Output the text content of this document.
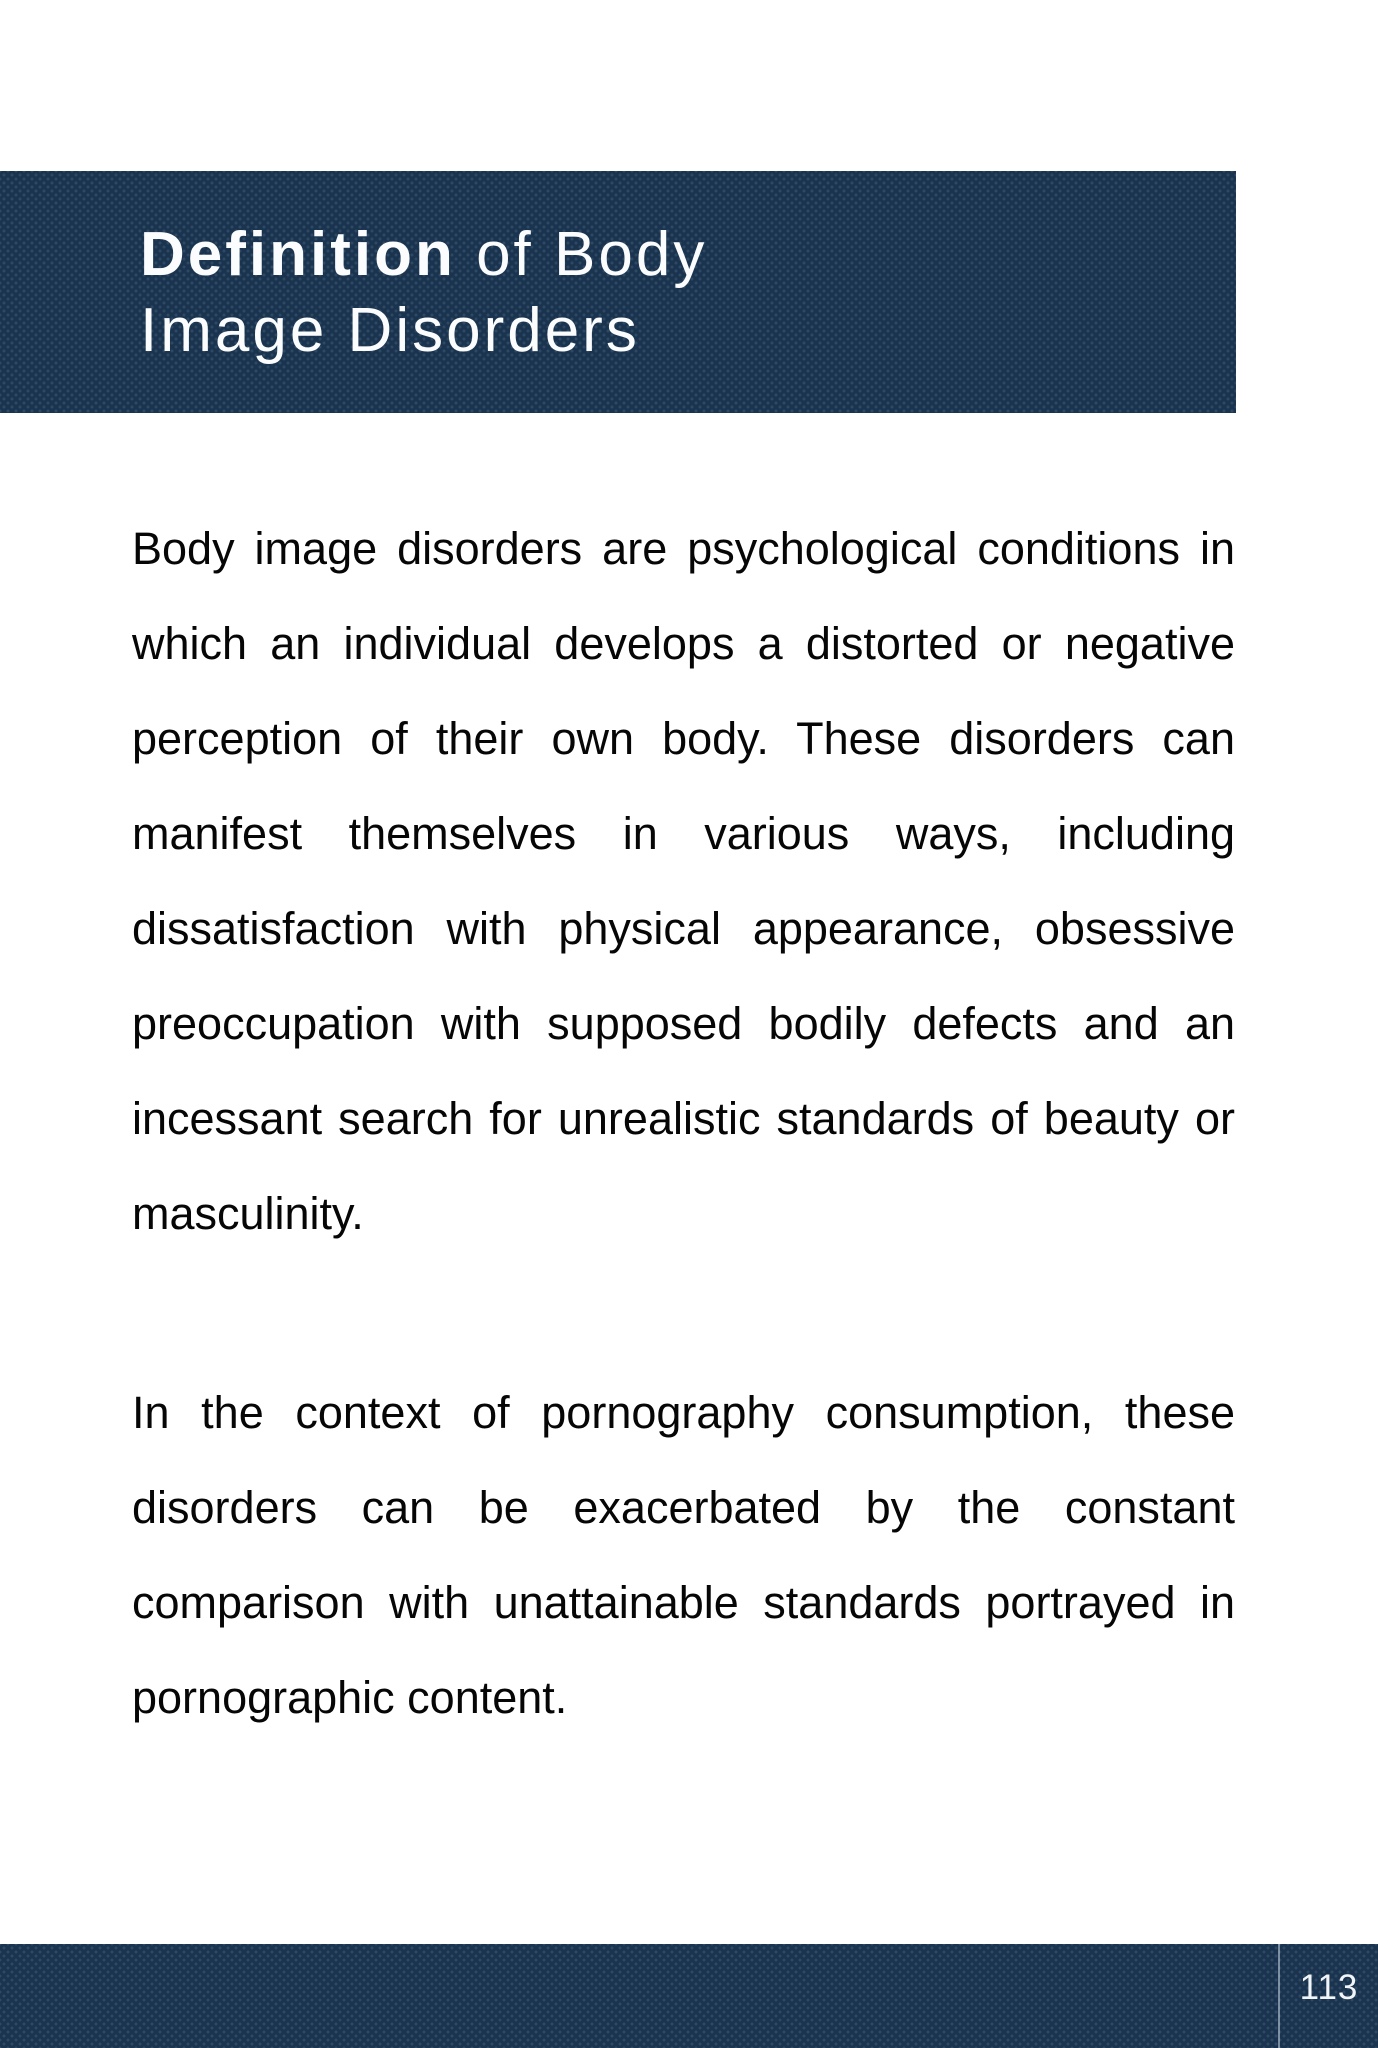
Definition of Body
Image Disorders
Body image disorders are psychological conditions in
which an individual develops a distorted or negative
perception of their own body. These disorders can
manifest themselves in various ways, including
dissatisfaction with physical appearance, obsessive
preoccupation with supposed bodily defects and an
incessant search for unrealistic standards of beauty or
masculinity.
In the context of pornography consumption, these
disorders can be exacerbated by the constant
comparison with unattainable standards portrayed in
pornographic content.
113
